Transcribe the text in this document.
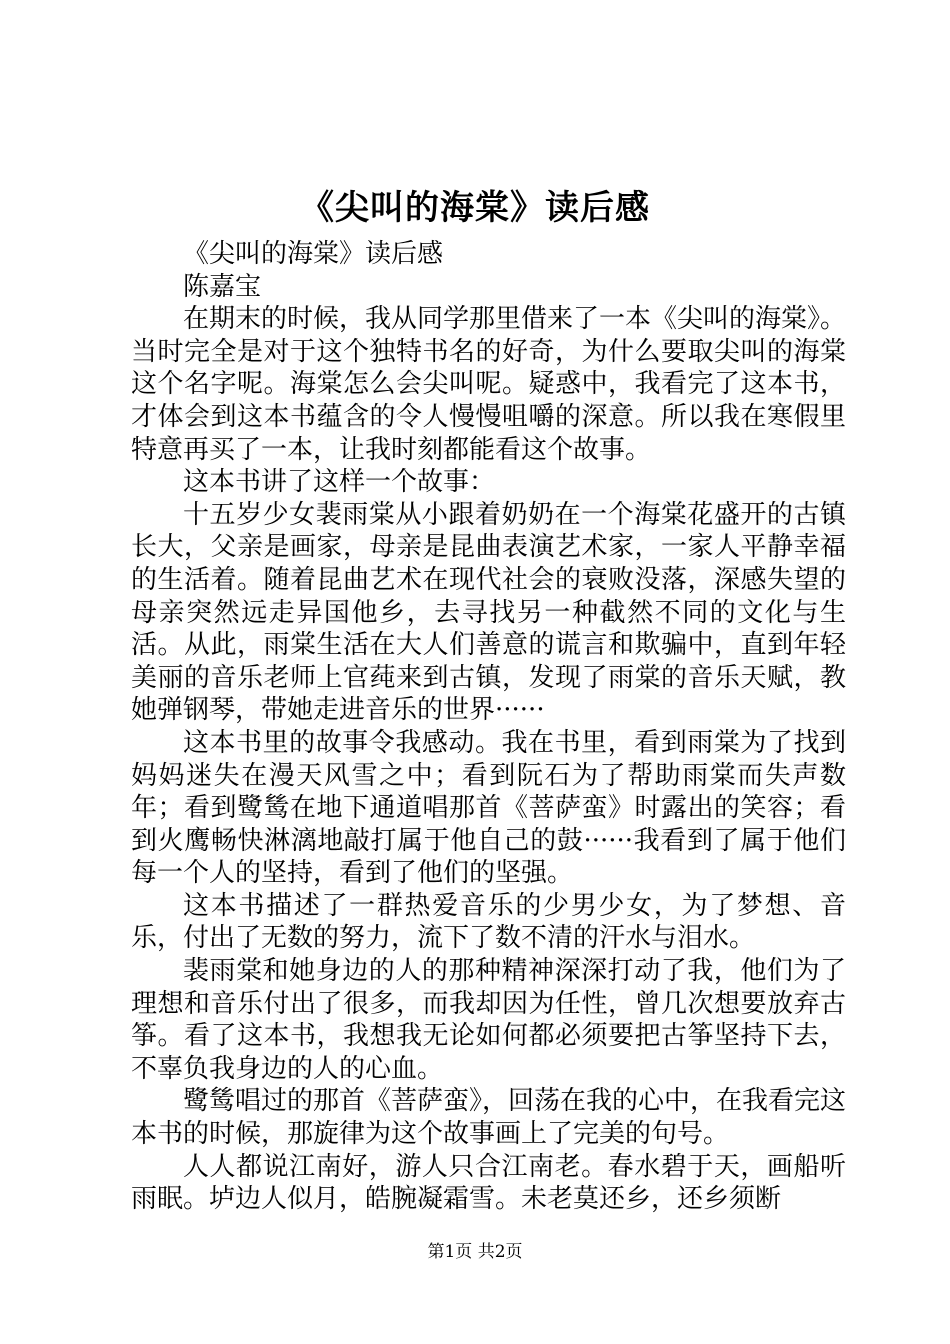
《尖叫的海棠》读后感

《尖叫的海棠》读后感

陈嘉宝

在期末的时候，我从同学那里借来了一本《尖叫的海棠》。当时完全是对于这个独特书名的好奇，为什么要取尖叫的海棠这个名字呢。海棠怎么会尖叫呢。疑惑中，我看完了这本书，才体会到这本书蕴含的令人慢慢咀嚼的深意。所以我在寒假里特意再买了一本，让我时刻都能看这个故事。

这本书讲了这样一个故事：

十五岁少女裴雨棠从小跟着奶奶在一个海棠花盛开的古镇长大，父亲是画家，母亲是昆曲表演艺术家，一家人平静幸福的生活着。随着昆曲艺术在现代社会的衰败没落，深感失望的母亲突然远走异国他乡，去寻找另一种截然不同的文化与生活。从此，雨棠生活在大人们善意的谎言和欺骗中，直到年轻美丽的音乐老师上官莼来到古镇，发现了雨棠的音乐天赋，教她弹钢琴，带她走进音乐的世界······

这本书里的故事令我感动。我在书里，看到雨棠为了找到妈妈迷失在漫天风雪之中；看到阮石为了帮助雨棠而失声数年；看到鹭鸶在地下通道唱那首《菩萨蛮》时露出的笑容；看到火鹰畅快淋漓地敲打属于他自己的鼓······我看到了属于他们每一个人的坚持，看到了他们的坚强。

这本书描述了一群热爱音乐的少男少女，为了梦想、音乐，付出了无数的努力，流下了数不清的汗水与泪水。

裴雨棠和她身边的人的那种精神深深打动了我，他们为了理想和音乐付出了很多，而我却因为任性，曾几次想要放弃古筝。看了这本书，我想我无论如何都必须要把古筝坚持下去，不辜负我身边的人的心血。

鹭鸶唱过的那首《菩萨蛮》，回荡在我的心中，在我看完这本书的时候，那旋律为这个故事画上了完美的句号。

人人都说江南好，游人只合江南老。春水碧于天，画船听雨眠。垆边人似月，皓腕凝霜雪。未老莫还乡，还乡须断

第1页 共2页
